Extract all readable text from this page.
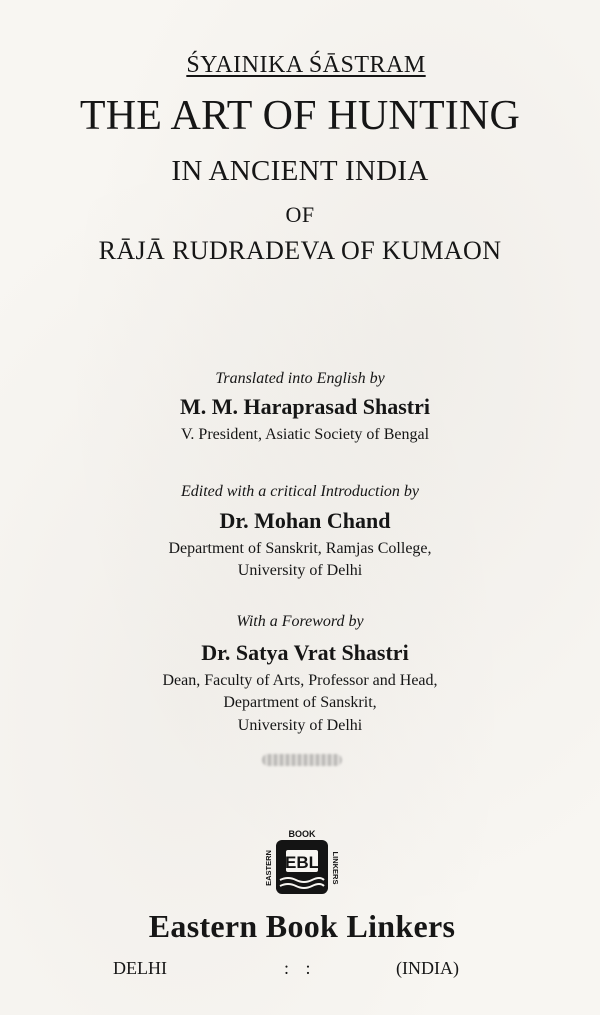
ŚYAINIKA ŚĀSTRAM
THE ART OF HUNTING
IN ANCIENT INDIA
OF
RĀJĀ RUDRADEVA OF KUMAON
Translated into English by
M. M. Haraprasad Shastri
V. President, Asiatic Society of Bengal
Edited with a critical Introduction by
Dr. Mohan Chand
Department of Sanskrit, Ramjas College,
University of Delhi
With a Foreword by
Dr. Satya Vrat Shastri
Dean, Faculty of Arts, Professor and Head,
Department of Sanskrit,
University of Delhi
BOOK
EBL
EASTERN	LINKERS
Eastern Book Linkers
DELHI	: :	(INDIA)
